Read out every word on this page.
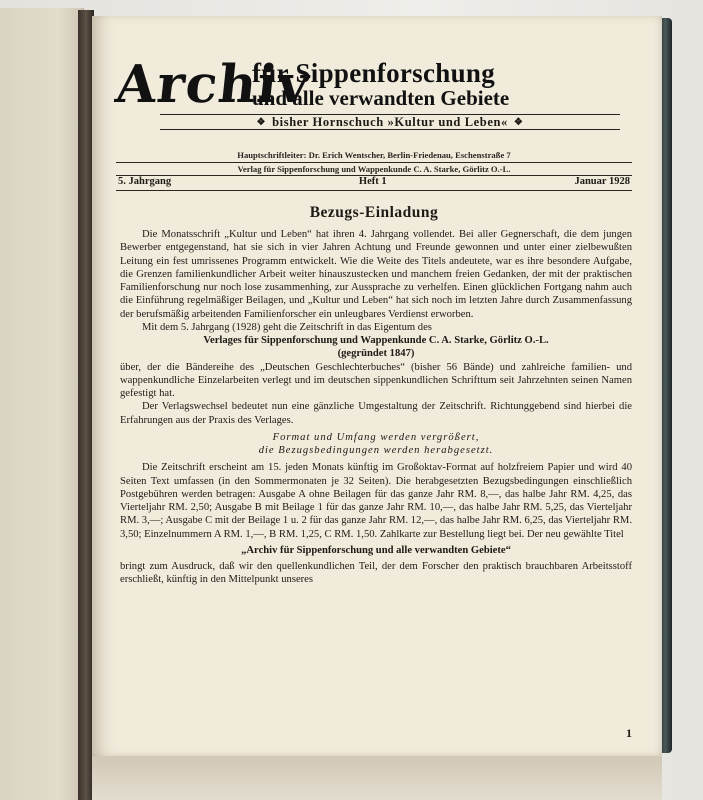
Archiv
für Sippenforschung
und alle verwandten Gebiete
❖ bisher Hornschuch »Kultur und Leben« ❖
Hauptschriftleiter: Dr. Erich Wentscher, Berlin-Friedenau, Eschenstraße 7
Verlag für Sippenforschung und Wappenkunde C. A. Starke, Görlitz O.-L.
5. Jahrgang	Heft 1	Januar 1928
Bezugs-Einladung

Die Monatsschrift „Kultur und Leben“ hat ihren 4. Jahrgang vollendet. Bei aller Gegnerschaft, die dem jungen Bewerber entgegenstand, hat sie sich in vier Jahren Achtung und Freunde gewonnen und unter einer zielbewußten Leitung ein fest umrissenes Programm entwickelt. Wie die Weite des Titels andeutete, war es ihre besondere Aufgabe, die Grenzen familienkundlicher Arbeit weiter hinauszustecken und manchem freien Gedanken, der mit der praktischen Familienforschung nur noch lose zusammenhing, zur Aussprache zu verhelfen. Einen glücklichen Fortgang nahm auch die Einführung regelmäßiger Beilagen, und „Kultur und Leben“ hat sich noch im letzten Jahre durch Zusammenfassung der berufsmäßig arbeitenden Familienforscher ein unleugbares Verdienst erworben.

Mit dem 5. Jahrgang (1928) geht die Zeitschrift in das Eigentum des

Verlages für Sippenforschung und Wappenkunde C. A. Starke, Görlitz O.-L.

(gegründet 1847)

über, der die Bändereihe des „Deutschen Geschlechterbuches“ (bisher 56 Bände) und zahlreiche familien- und wappenkundliche Einzelarbeiten verlegt und im deutschen sippenkundlichen Schrifttum seit Jahrzehnten seinen Namen gefestigt hat.

Der Verlagswechsel bedeutet nun eine gänzliche Umgestaltung der Zeitschrift. Richtunggebend sind hierbei die Erfahrungen aus der Praxis des Verlages.

Format und Umfang werden vergrößert,

die Bezugsbedingungen werden herabgesetzt.

Die Zeitschrift erscheint am 15. jeden Monats künftig im Großoktav-Format auf holzfreiem Papier und wird 40 Seiten Text umfassen (in den Sommermonaten je 32 Seiten). Die herabgesetzten Bezugsbedingungen einschließlich Postgebühren werden betragen: Ausgabe A ohne Beilagen für das ganze Jahr RM. 8,—, das halbe Jahr RM. 4,25, das Vierteljahr RM. 2,50; Ausgabe B mit Beilage 1 für das ganze Jahr RM. 10,—, das halbe Jahr RM. 5,25, das Vierteljahr RM. 3,—; Ausgabe C mit der Beilage 1 u. 2 für das ganze Jahr RM. 12,—, das halbe Jahr RM. 6,25, das Vierteljahr RM. 3,50; Einzelnummern A RM. 1,—, B RM. 1,25, C RM. 1,50. Zahlkarte zur Bestellung liegt bei. Der neu gewählte Titel

„Archiv für Sippenforschung und alle verwandten Gebiete“

bringt zum Ausdruck, daß wir den quellenkundlichen Teil, der dem Forscher den praktisch brauchbaren Arbeitsstoff erschließt, künftig in den Mittelpunkt unseres

1
